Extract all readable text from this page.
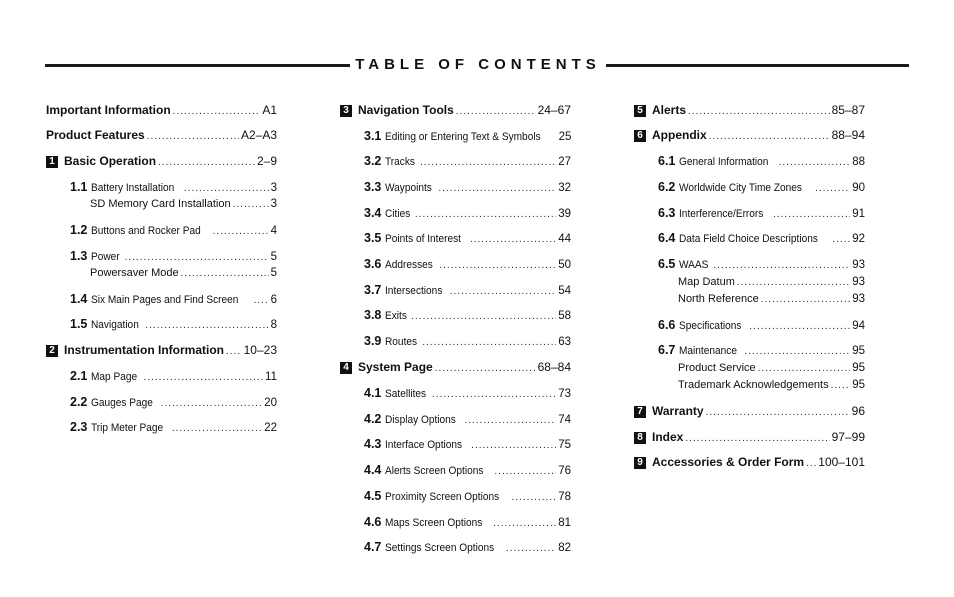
TABLE OF CONTENTS
Important Information .....	A1
Product Features .....	A2–A3
1 Basic Operation .....	2–9
1.1 Battery Installation .....	3
SD Memory Card Installation .....	3
1.2 Buttons and Rocker Pad .....	4
1.3 Power .....	5
Powersaver Mode .....	5
1.4 Six Main Pages and Find Screen .....	6
1.5 Navigation .....	8
2 Instrumentation Information ..... 10–23
2.1 Map Page .....	11
2.2 Gauges Page .....	20
2.3 Trip Meter Page .....	22
3 Navigation Tools .....	24–67
3.1 Editing or Entering Text & Symbols	25
3.2 Tracks .....	27
3.3 Waypoints .....	32
3.4 Cities .....	39
3.5 Points of Interest .....	44
3.6 Addresses .....	50
3.7 Intersections .....	54
3.8 Exits .....	58
3.9 Routes .....	63
4 System Page .....	68–84
4.1 Satellites .....	73
4.2 Display Options .....	74
4.3 Interface Options .....	75
4.4 Alerts Screen Options .....	76
4.5 Proximity Screen Options .....	78
4.6 Maps Screen Options .....	81
4.7 Settings Screen Options .....	82
5 Alerts .....	85–87
6 Appendix .....	88–94
6.1 General Information .....	88
6.2 Worldwide City Time Zones .....	90
6.3 Interference/Errors .....	91
6.4 Data Field Choice Descriptions .....	92
6.5 WAAS .....	93
Map Datum .....	93
North Reference .....	93
6.6 Specifications .....	94
6.7 Maintenance .....	95
Product Service .....	95
Trademark Acknowledgements ..... 95
7 Warranty .....	96
8 Index .....	97–99
9 Accessories & Order Form ..... 100–101
